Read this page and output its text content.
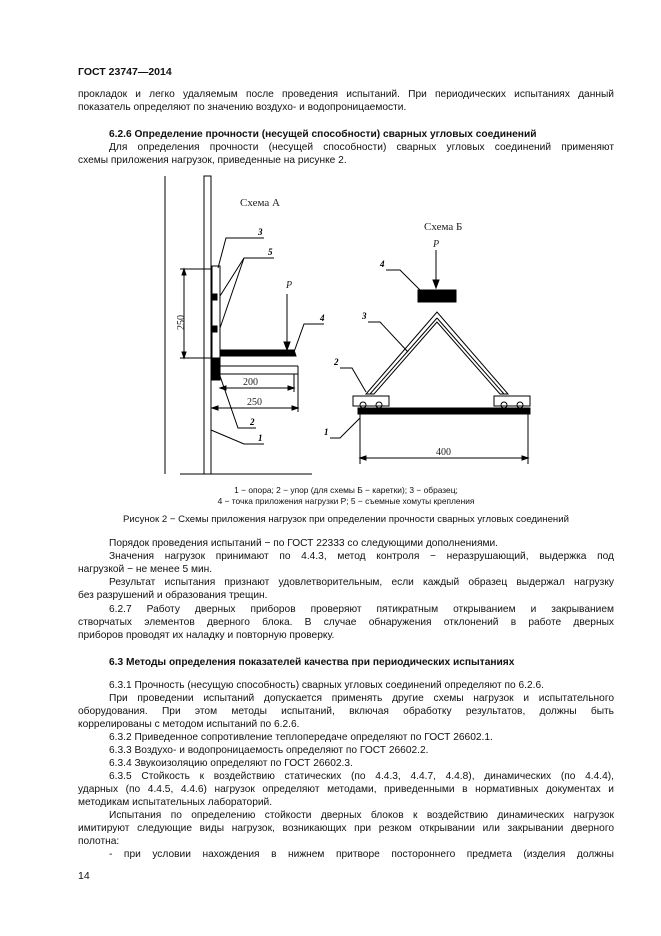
ГОСТ 23747—2014
прокладок и легко удаляемым после проведения испытаний. При периодических испытаниях данный
показатель определяют по значению воздухо- и водопроницаемости.
6.2.6 Определение прочности (несущей способности) сварных угловых соединений
Для определения прочности (несущей способности) сварных угловых соединений применяют
схемы приложения нагрузок, приведенные на рисунке 2.
Схема А
Схема Б
P
P
250
200
250
400
3
5
4
2
1
4
3
2
1
1 − опора; 2 − упор (для схемы Б − каретки); 3 − образец;
4 − точка приложения нагрузки P; 5 − съемные хомуты крепления
Рисунок 2 − Схемы приложения нагрузок при определении прочности сварных угловых соединений
Порядок проведения испытаний − по ГОСТ 22333 со следующими дополнениями.
Значения нагрузок принимают по 4.4.3, метод контроля − неразрушающий, выдержка под
нагрузкой − не менее 5 мин.
Результат испытания признают удовлетворительным, если каждый образец выдержал нагрузку
без разрушений и образования трещин.
6.2.7 Работу дверных приборов проверяют пятикратным открыванием и закрыванием
створчатых элементов дверного блока. В случае обнаружения отклонений в работе дверных
приборов проводят их наладку и повторную проверку.
6.3 Методы определения показателей качества при периодических испытаниях
6.3.1 Прочность (несущую способность) сварных угловых соединений определяют по 6.2.6.
При проведении испытаний допускается применять другие схемы нагрузок и испытательного
оборудования. При этом методы испытаний, включая обработку результатов, должны быть
коррелированы с методом испытаний по 6.2.6.
6.3.2 Приведенное сопротивление теплопередаче определяют по ГОСТ 26602.1.
6.3.3 Воздухо- и водопроницаемость определяют по ГОСТ 26602.2.
6.3.4 Звукоизоляцию определяют по ГОСТ 26602.3.
6.3.5 Стойкость к воздействию статических (по 4.4.3, 4.4.7, 4.4.8), динамических (по 4.4.4),
ударных (по 4.4.5, 4.4.6) нагрузок определяют методами, приведенными в нормативных документах и
методикам испытательных лабораторий.
Испытания по определению стойкости дверных блоков к воздействию динамических нагрузок
имитируют следующие виды нагрузок, возникающих при резком открывании или закрывании дверного
полотна:
- при условии нахождения в нижнем притворе постороннего предмета (изделия должны
14
